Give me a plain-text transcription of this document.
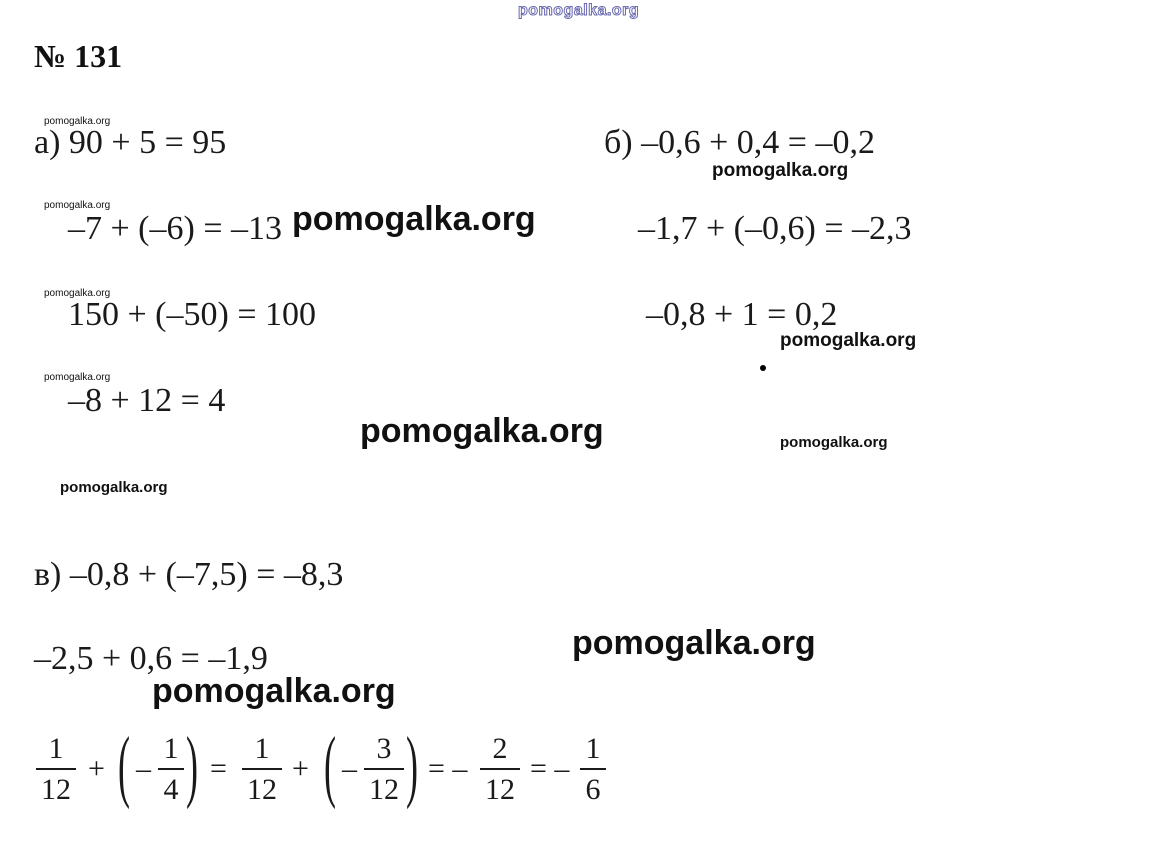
pomogalka.org
№ 131
pomogalka.org
pomogalka.org
pomogalka.org
pomogalka.org
а) 90 + 5 = 95
–7 + (–6) = –13
150 + (–50) = 100
–8 + 12 = 4
б) –0,6 + 0,4 = –0,2
–1,7 + (–0,6) = –2,3
–0,8 + 1 = 0,2
pomogalka.org
pomogalka.org
pomogalka.org
pomogalka.org	pomogalka.org
pomogalka.org
в) –0,8 + (–7,5) = –8,3
–2,5 + 0,6 = –1,9	pomogalka.org
pomogalka.org
1
12
+ ( –
1
4 ) =
1
12
+ ( –
3
12 ) = –
2
12
= –
1
6
